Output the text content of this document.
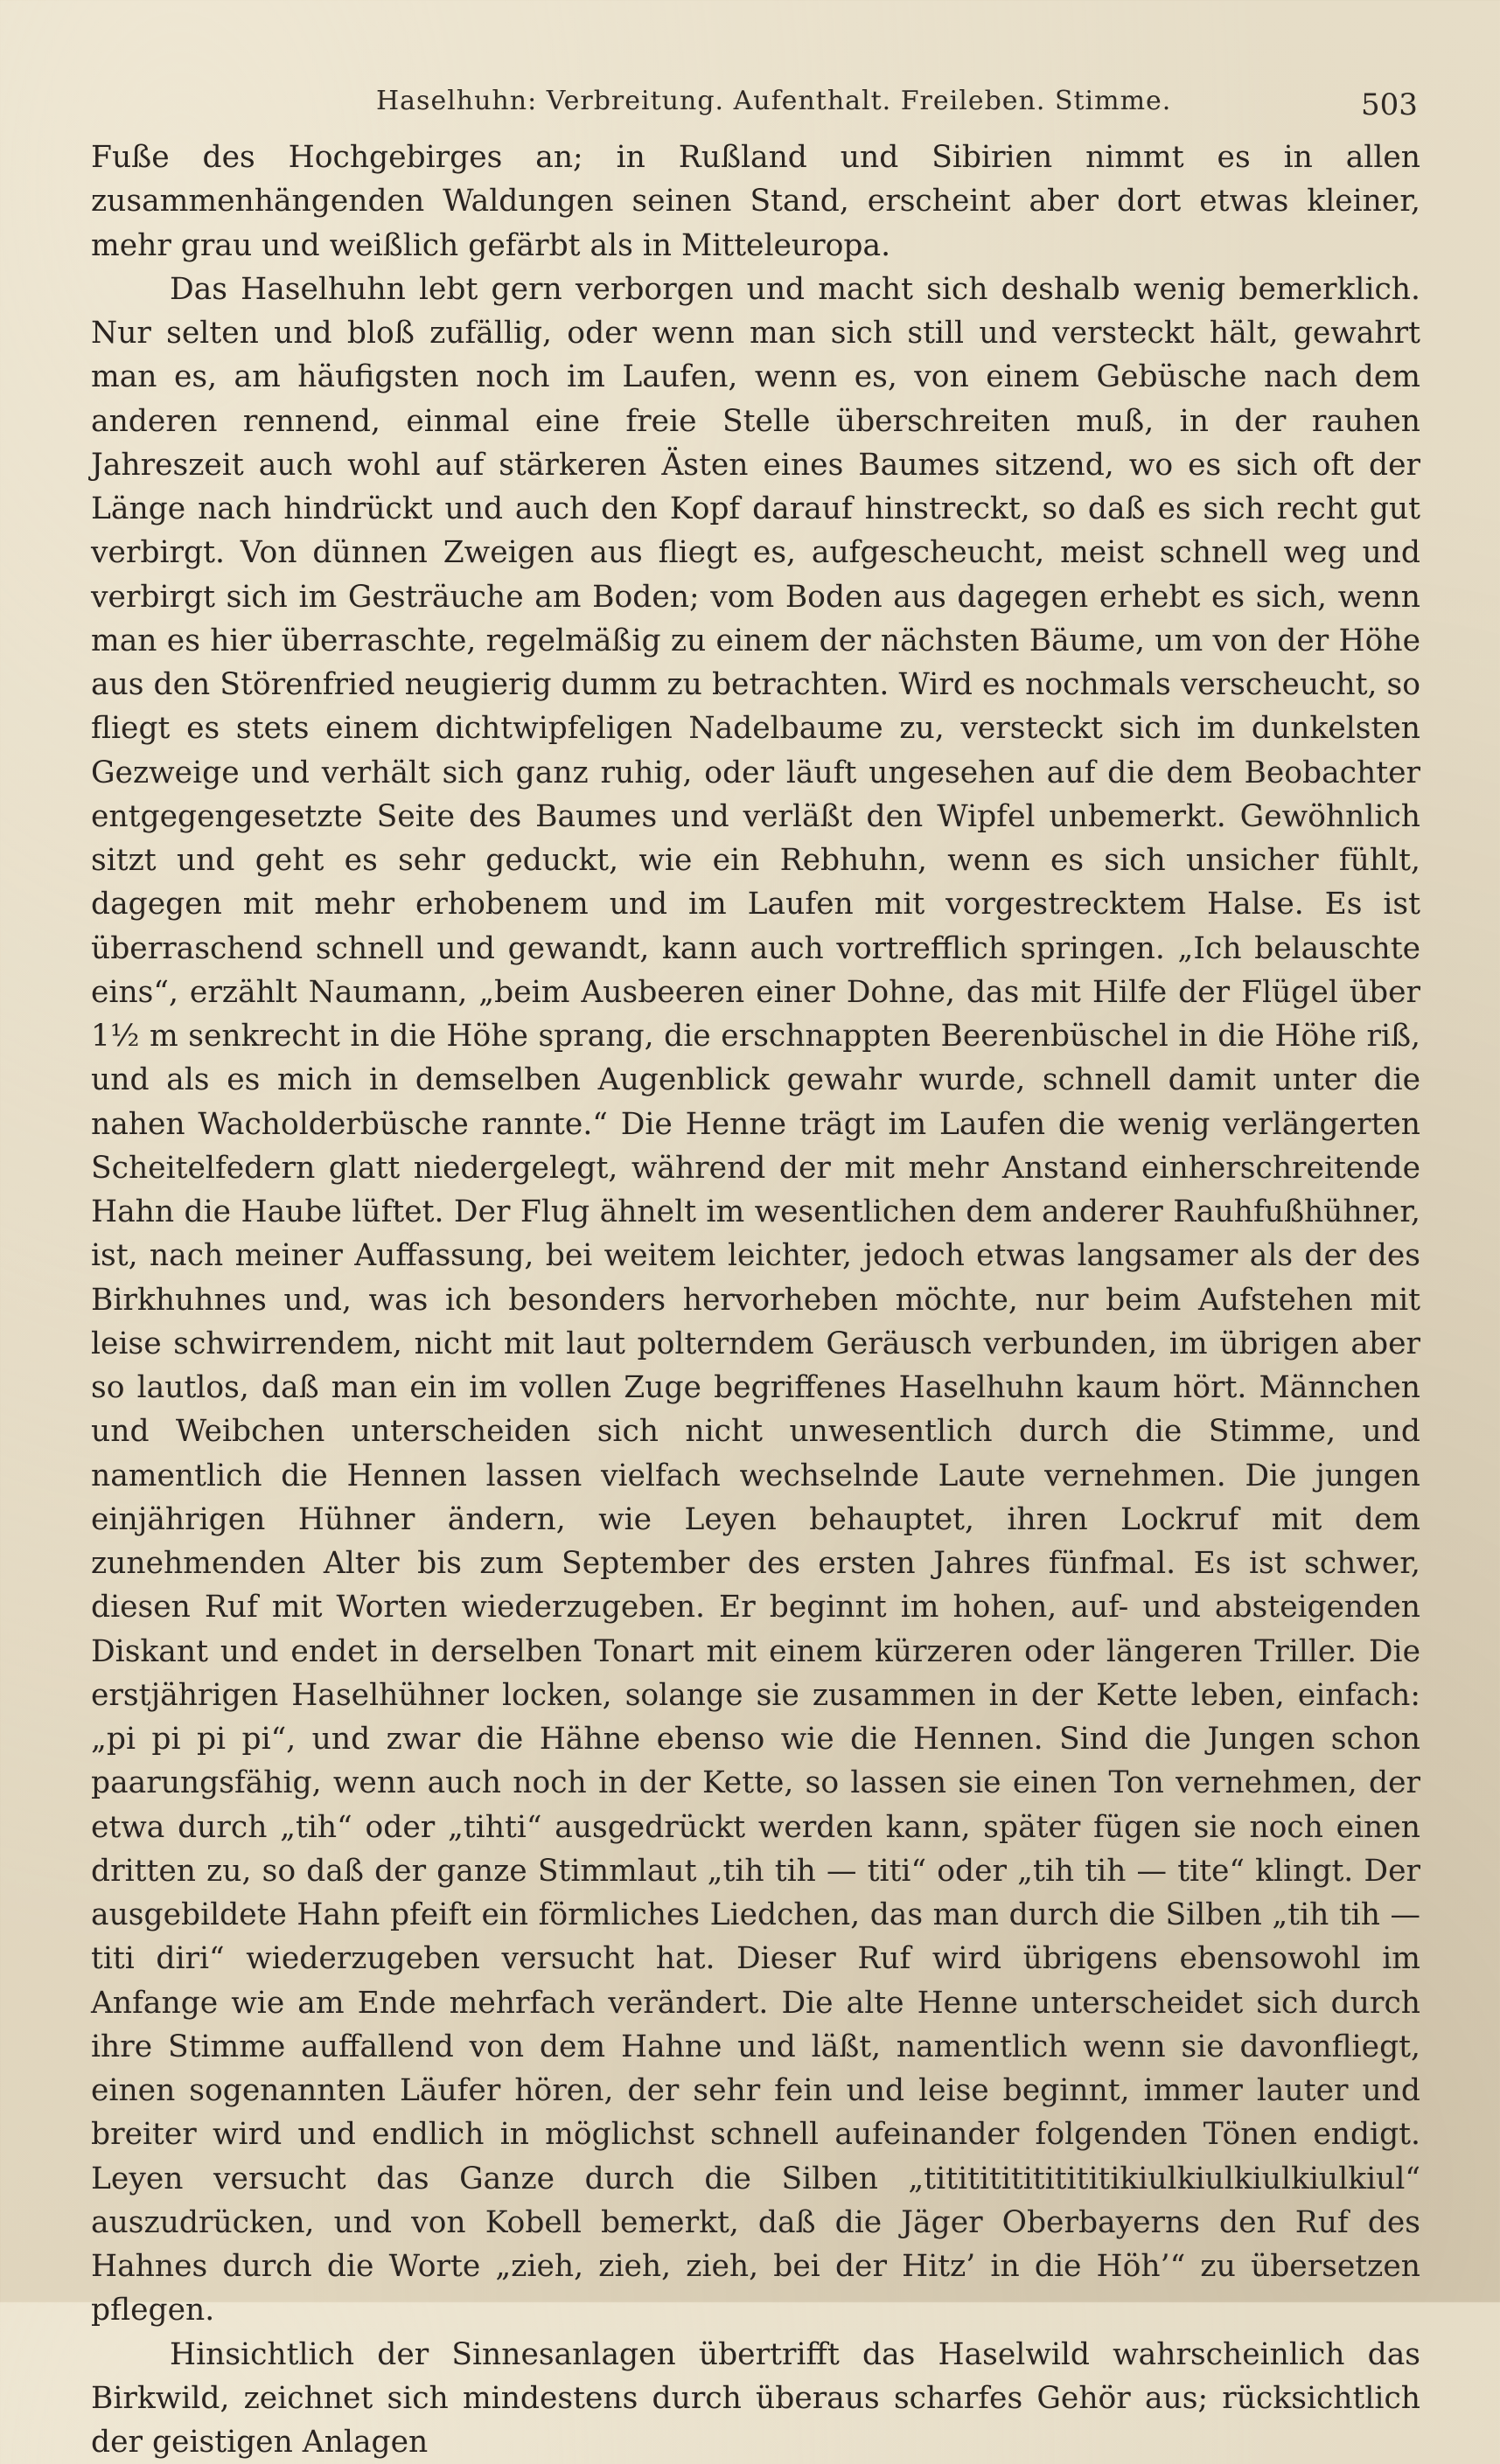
Haselhuhn: Verbreitung. Aufenthalt. Freileben. Stimme.	503

Fuße des Hochgebirges an; in Rußland und Sibirien nimmt es in allen zusammenhängenden Waldungen seinen Stand, erscheint aber dort etwas kleiner, mehr grau und weißlich gefärbt als in Mitteleuropa.

Das Haselhuhn lebt gern verborgen und macht sich deshalb wenig bemerklich. Nur selten und bloß zufällig, oder wenn man sich still und versteckt hält, gewahrt man es, am häufigsten noch im Laufen, wenn es, von einem Gebüsche nach dem anderen rennend, einmal eine freie Stelle überschreiten muß, in der rauhen Jahreszeit auch wohl auf stärkeren Ästen eines Baumes sitzend, wo es sich oft der Länge nach hindrückt und auch den Kopf darauf hinstreckt, so daß es sich recht gut verbirgt. Von dünnen Zweigen aus fliegt es, aufgescheucht, meist schnell weg und verbirgt sich im Gesträuche am Boden; vom Boden aus dagegen erhebt es sich, wenn man es hier überraschte, regelmäßig zu einem der nächsten Bäume, um von der Höhe aus den Störenfried neugierig dumm zu betrachten. Wird es nochmals verscheucht, so fliegt es stets einem dichtwipfeligen Nadelbaume zu, versteckt sich im dunkelsten Gezweige und verhält sich ganz ruhig, oder läuft ungesehen auf die dem Beobachter entgegengesetzte Seite des Baumes und verläßt den Wipfel unbemerkt. Gewöhnlich sitzt und geht es sehr geduckt, wie ein Rebhuhn, wenn es sich unsicher fühlt, dagegen mit mehr erhobenem und im Laufen mit vorgestrecktem Halse. Es ist überraschend schnell und gewandt, kann auch vortrefflich springen. „Ich belauschte eins“, erzählt Naumann, „beim Ausbeeren einer Dohne, das mit Hilfe der Flügel über 1½ m senkrecht in die Höhe sprang, die erschnappten Beerenbüschel in die Höhe riß, und als es mich in demselben Augenblick gewahr wurde, schnell damit unter die nahen Wacholderbüsche rannte.“ Die Henne trägt im Laufen die wenig verlängerten Scheitelfedern glatt niedergelegt, während der mit mehr Anstand einherschreitende Hahn die Haube lüftet. Der Flug ähnelt im wesentlichen dem anderer Rauhfußhühner, ist, nach meiner Auffassung, bei weitem leichter, jedoch etwas langsamer als der des Birkhuhnes und, was ich besonders hervorheben möchte, nur beim Aufstehen mit leise schwirrendem, nicht mit laut polterndem Geräusch verbunden, im übrigen aber so lautlos, daß man ein im vollen Zuge begriffenes Haselhuhn kaum hört. Männchen und Weibchen unterscheiden sich nicht unwesentlich durch die Stimme, und namentlich die Hennen lassen vielfach wechselnde Laute vernehmen. Die jungen einjährigen Hühner ändern, wie Leyen behauptet, ihren Lockruf mit dem zunehmenden Alter bis zum September des ersten Jahres fünfmal. Es ist schwer, diesen Ruf mit Worten wiederzugeben. Er beginnt im hohen, auf- und absteigenden Diskant und endet in derselben Tonart mit einem kürzeren oder längeren Triller. Die erstjährigen Haselhühner locken, solange sie zusammen in der Kette leben, einfach: „pi pi pi pi“, und zwar die Hähne ebenso wie die Hennen. Sind die Jungen schon paarungsfähig, wenn auch noch in der Kette, so lassen sie einen Ton vernehmen, der etwa durch „tih“ oder „tihti“ ausgedrückt werden kann, später fügen sie noch einen dritten zu, so daß der ganze Stimmlaut „tih tih — titi“ oder „tih tih — tite“ klingt. Der ausgebildete Hahn pfeift ein förmliches Liedchen, das man durch die Silben „tih tih — titi diri“ wiederzugeben versucht hat. Dieser Ruf wird übrigens ebensowohl im Anfange wie am Ende mehrfach verändert. Die alte Henne unterscheidet sich durch ihre Stimme auffallend von dem Hahne und läßt, namentlich wenn sie davonfliegt, einen sogenannten Läufer hören, der sehr fein und leise beginnt, immer lauter und breiter wird und endlich in möglichst schnell aufeinander folgenden Tönen endigt. Leyen versucht das Ganze durch die Silben „tititititititititikiulkiulkiulkiulkiul“ auszudrücken, und von Kobell bemerkt, daß die Jäger Oberbayerns den Ruf des Hahnes durch die Worte „zieh, zieh, zieh, bei der Hitz’ in die Höh’“ zu übersetzen pflegen.

Hinsichtlich der Sinnesanlagen übertrifft das Haselwild wahrscheinlich das Birkwild, zeichnet sich mindestens durch überaus scharfes Gehör aus; rücksichtlich der geistigen Anlagen
